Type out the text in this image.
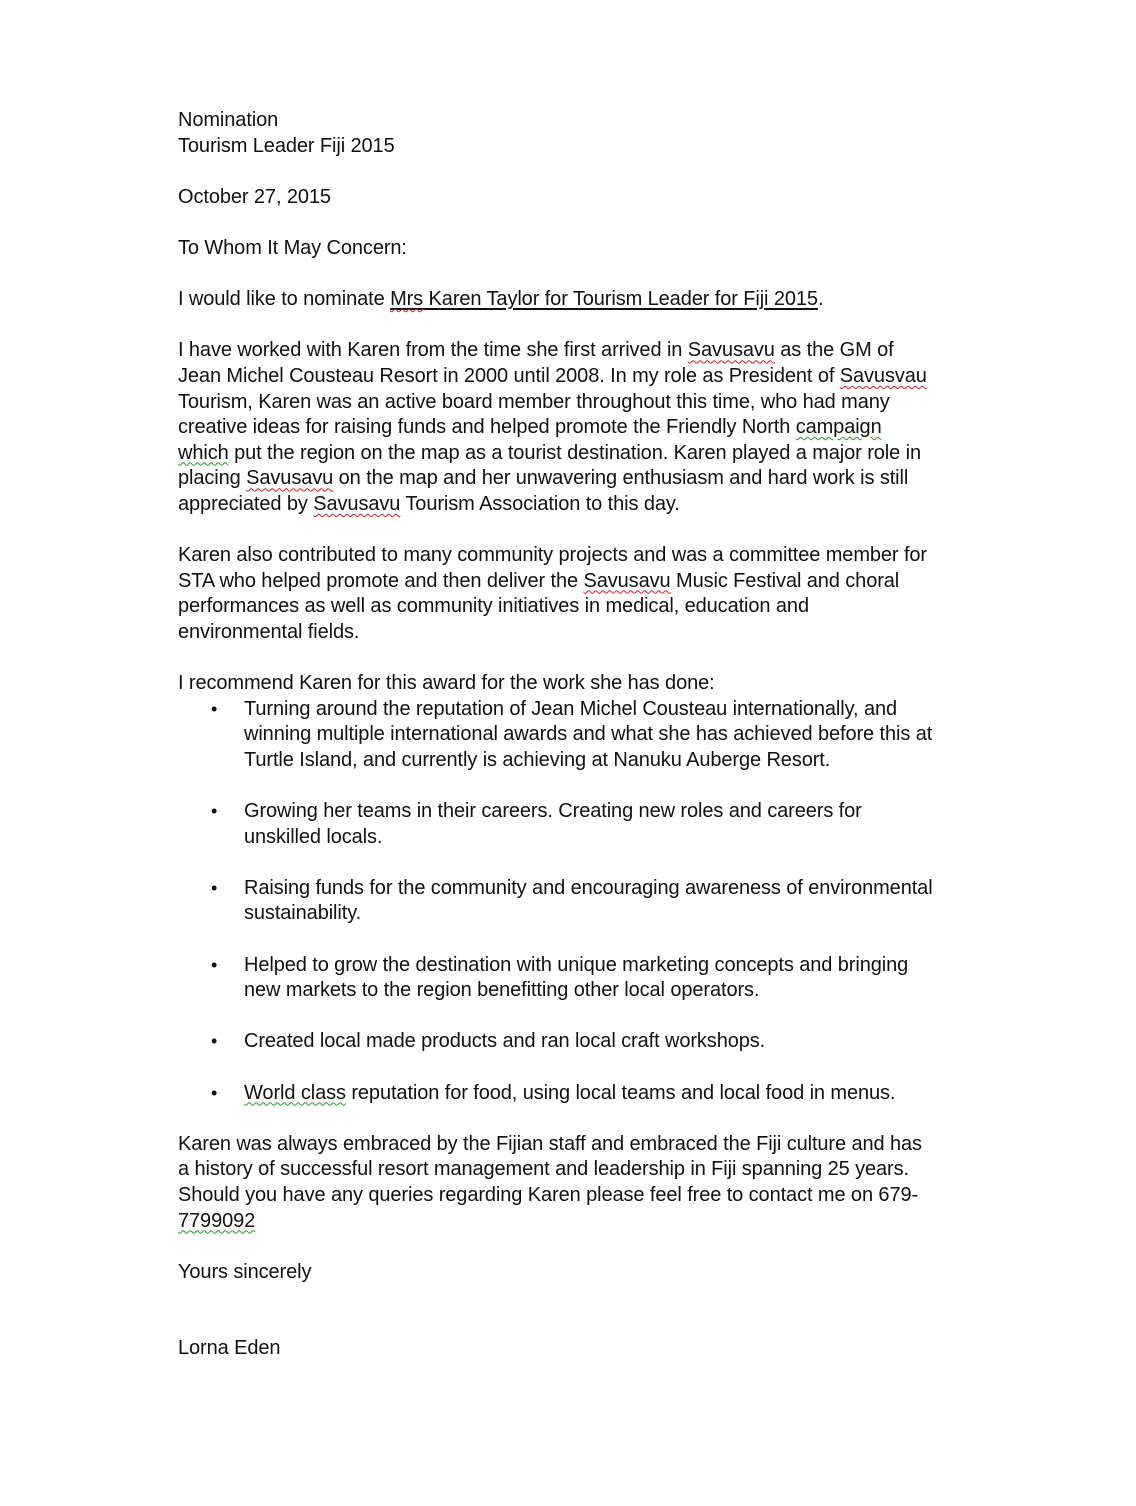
Nomination
Tourism Leader Fiji 2015
October 27, 2015
To Whom It May Concern:
I would like to nominate Mrs Karen Taylor for Tourism Leader for Fiji 2015.
I have worked with Karen from the time she first arrived in Savusavu as the GM of
Jean Michel Cousteau Resort in 2000 until 2008. In my role as President of Savusvau
Tourism, Karen was an active board member throughout this time, who had many
creative ideas for raising funds and helped promote the Friendly North campaign
which put the region on the map as a tourist destination. Karen played a major role in
placing Savusavu on the map and her unwavering enthusiasm and hard work is still
appreciated by Savusavu Tourism Association to this day.
Karen also contributed to many community projects and was a committee member for
STA who helped promote and then deliver the Savusavu Music Festival and choral
performances as well as community initiatives in medical, education and
environmental fields.
I recommend Karen for this award for the work she has done:
• Turning around the reputation of Jean Michel Cousteau internationally, and
winning multiple international awards and what she has achieved before this at
Turtle Island, and currently is achieving at Nanuku Auberge Resort.
• Growing her teams in their careers. Creating new roles and careers for
unskilled locals.
• Raising funds for the community and encouraging awareness of environmental
sustainability.
• Helped to grow the destination with unique marketing concepts and bringing
new markets to the region benefitting other local operators.
• Created local made products and ran local craft workshops.
• World class reputation for food, using local teams and local food in menus.
Karen was always embraced by the Fijian staff and embraced the Fiji culture and has
a history of successful resort management and leadership in Fiji spanning 25 years.
Should you have any queries regarding Karen please feel free to contact me on 679-
7799092
Yours sincerely
Lorna Eden
